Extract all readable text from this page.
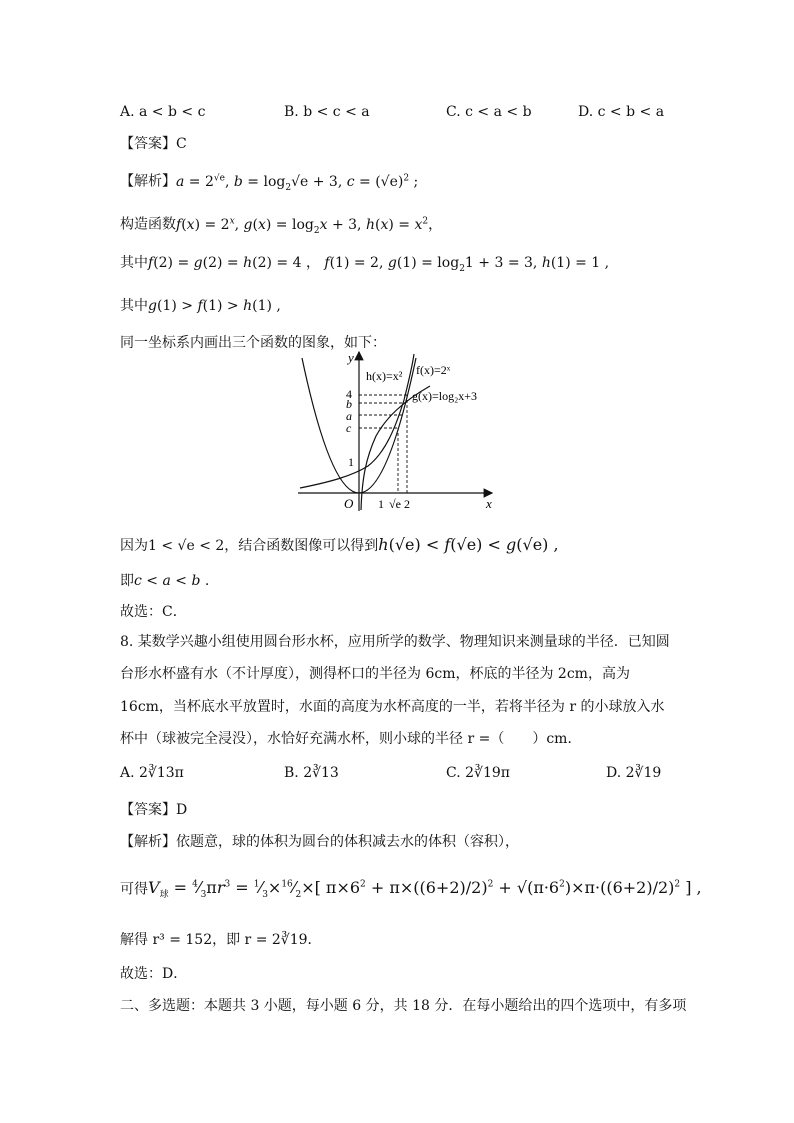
A. a < b < c	B. b < c < a	C. c < a < b	D. c < b < a
【答案】C
【解析】$a = 2^{√e}$, $b = \log_2√e + 3$, $c = (√e)^2$ ;
构造函数$f(x) = 2^x$, $g(x) = \log_2x + 3$, $h(x) = x^2$，
其中f(2) = g(2) = h(2) = 4 ， f(1) = 2, $g(1) = \log_21 + 3 = 3$, h(1) = 1 ,
其中g(1) > f(1) > h(1) ,
同一坐标系内画出三个函数的图象，如下：
y
x
O
h(x)=x² f(x)=2ˣ
g(x)=log₂x+3
4
b
a
c
1
1 √e 2
因为1 < √e < 2，结合函数图像可以得到h(√e) < f(√e) < g(√e) ,
即c < a < b .
故选：C．
8. 某数学兴趣小组使用圆台形水杯，应用所学的数学、物理知识来测量球的半径．已知圆
台形水杯盛有水（不计厚度），测得杯口的半径为 6cm，杯底的半径为 2cm，高为
16cm，当杯底水平放置时，水面的高度为水杯高度的一半，若将半径为 r 的小球放入水
杯中（球被完全浸没），水恰好充满水杯，则小球的半径 r =（　　）cm．
A. 2∛13π	B. 2∛13	C. 2∛19π	D. 2∛19
【答案】D
【解析】依题意，球的体积为圆台的体积减去水的体积（容积），
可得$V_球$ = $^4⁄_3\pi r^3$ = $^1⁄_3\times^{16}⁄_2\times$[ $\pi\times 6^2 + \pi\times((6+2)/2)^2 + √(\pi\cdot 6^2)\times\pi\cdot((6+2)/2)^2$ ] ,
解得 r³ = 152，即 r = 2∛19．
故选：D．
二、多选题：本题共 3 小题，每小题 6 分，共 18 分．在每小题给出的四个选项中，有多项
